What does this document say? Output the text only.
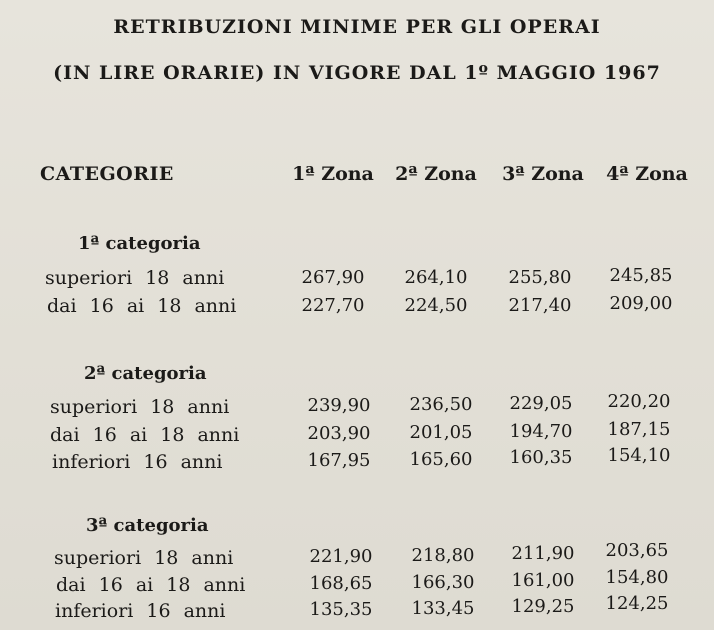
RETRIBUZIONI MINIME PER GLI OPERAI
(IN LIRE ORARIE) IN VIGORE DAL 1º MAGGIO 1967
CATEGORIE	1ª Zona 2ª Zona 3ª Zona 4ª Zona
1ª categoria
superiori 18 anni	267,90	264,10	255,80	245,85
dai 16 ai 18 anni	227,70	224,50	217,40	209,00
2ª categoria
superiori 18 anni	239,90	236,50	229,05	220,20
dai 16 ai 18 anni	203,90	201,05	194,70	187,15
inferiori 16 anni	167,95	165,60	160,35	154,10
3ª categoria
superiori 18 anni	221,90	218,80	211,90	203,65
dai 16 ai 18 anni	168,65	166,30	161,00	154,80
inferiori 16 anni	135,35	133,45	129,25	124,25
